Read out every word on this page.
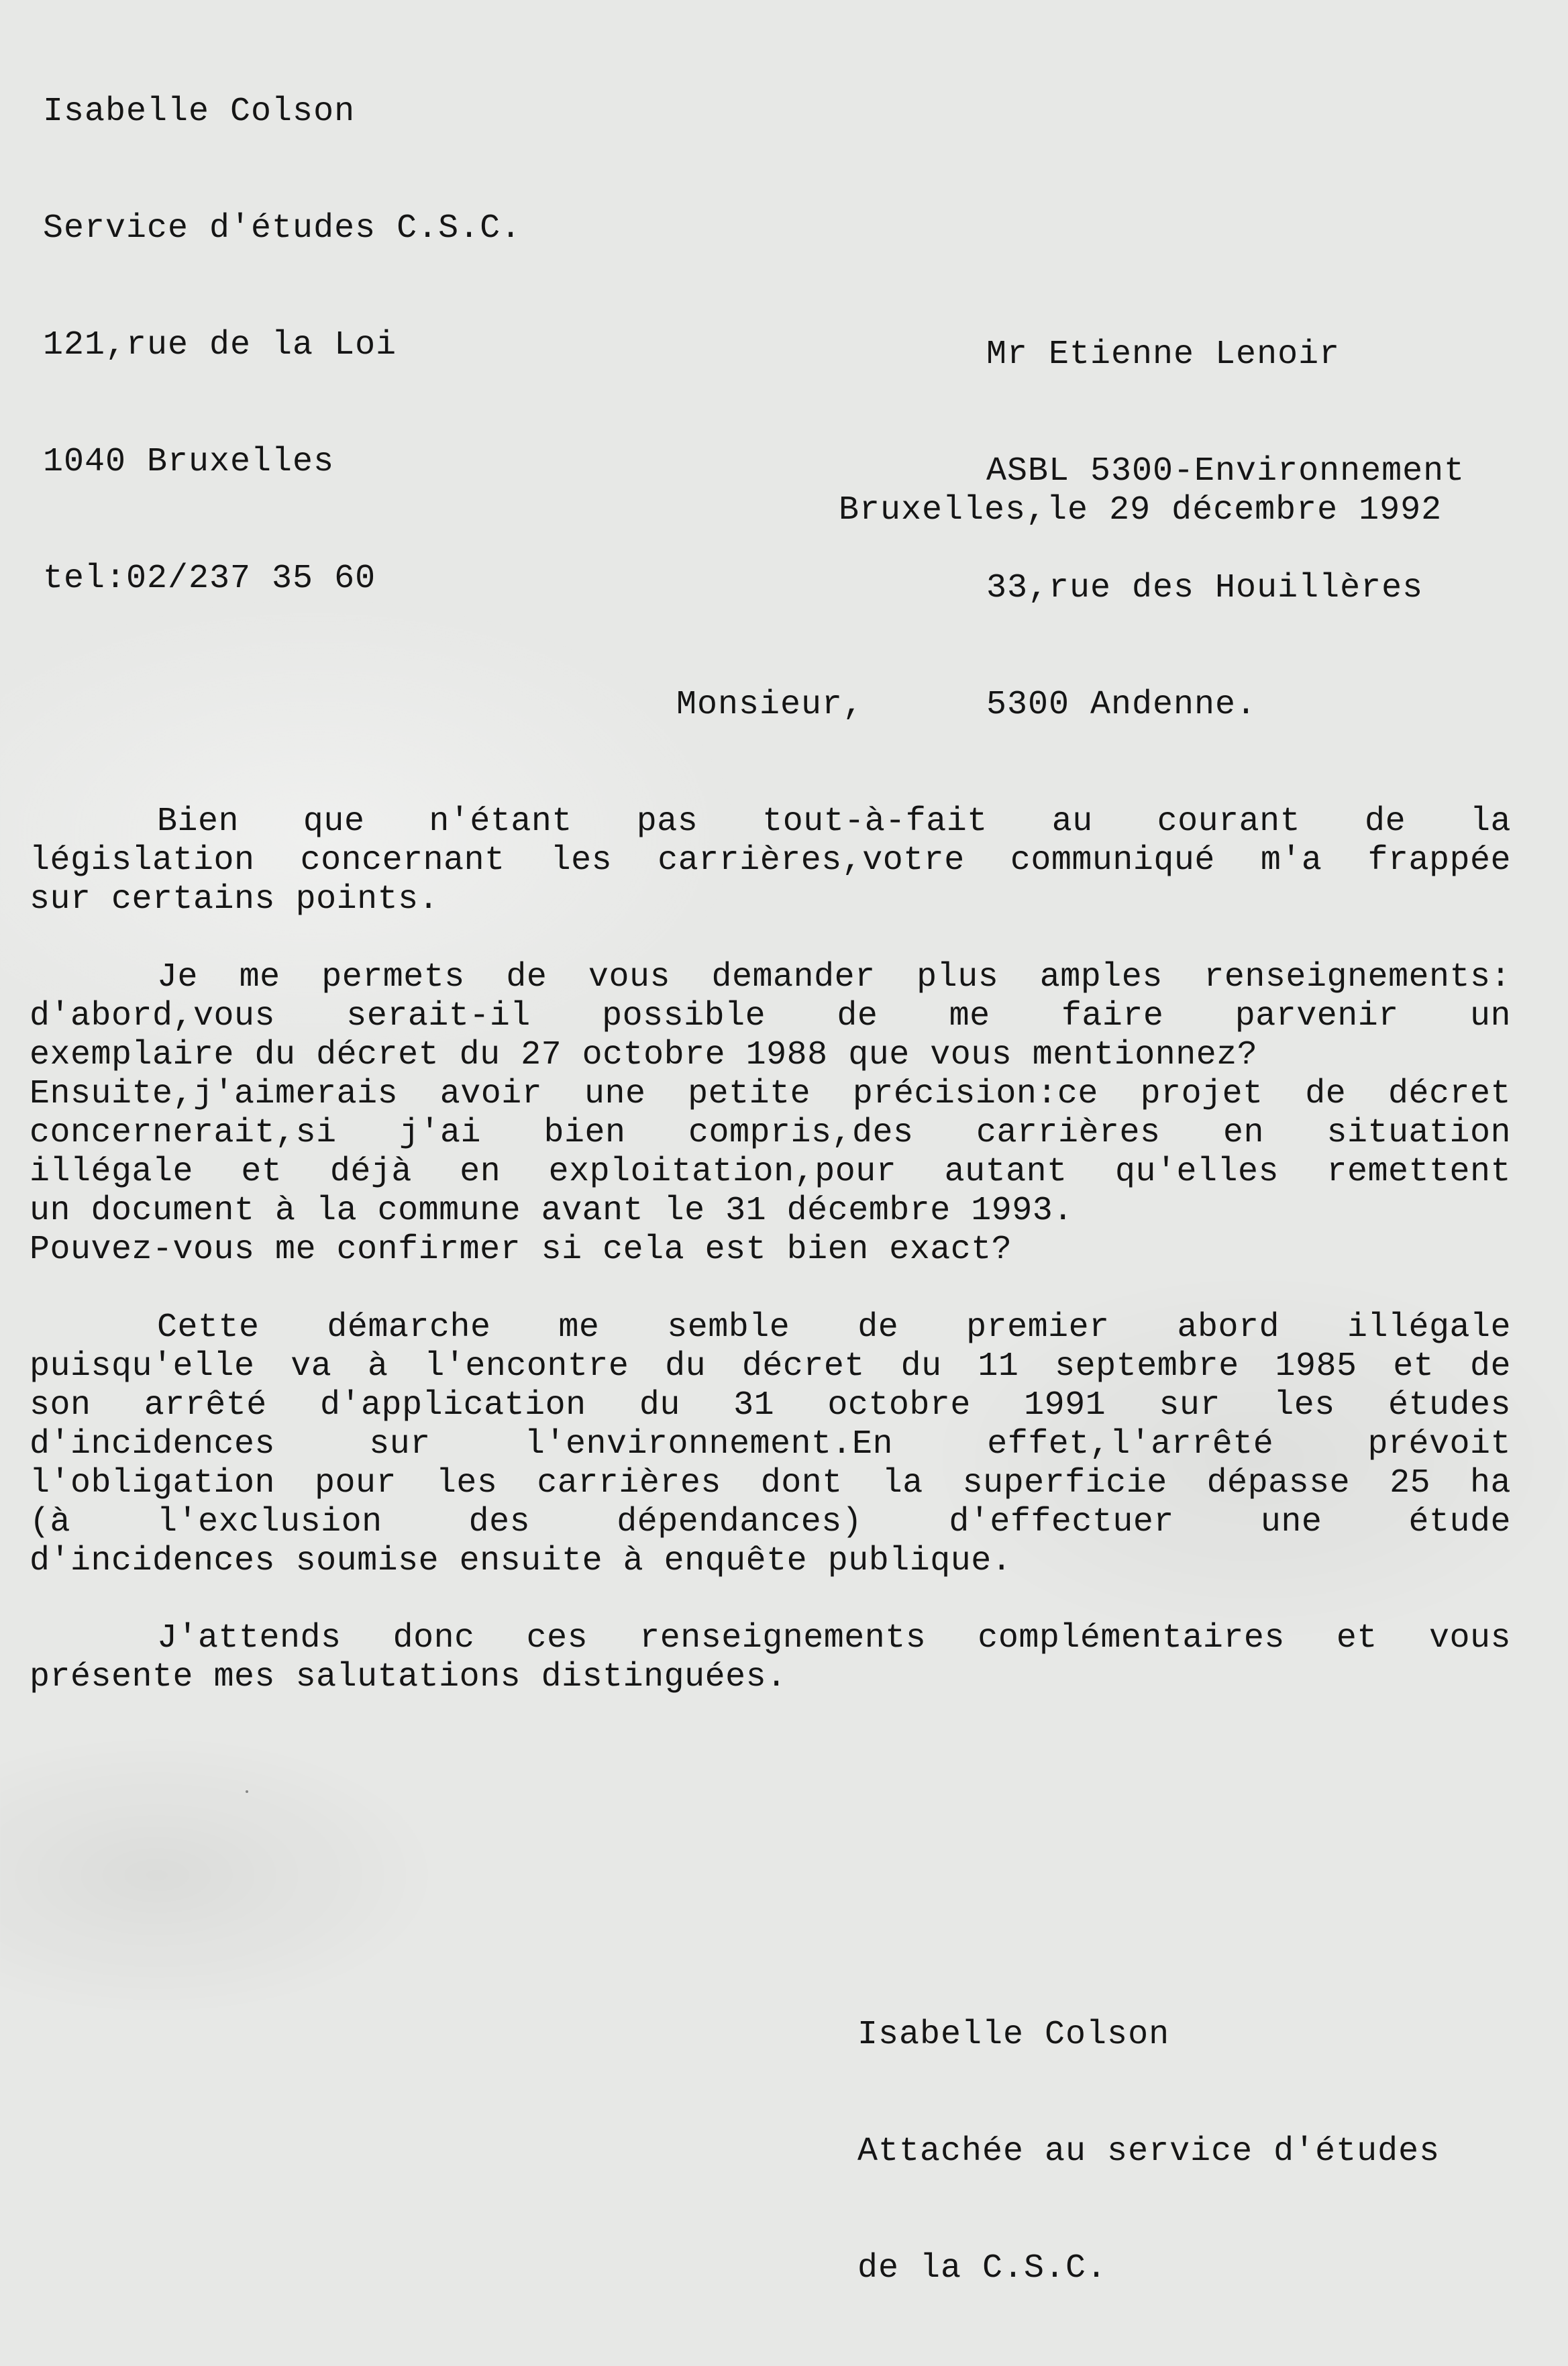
Isabelle Colson

Service d'études C.S.C.

121,rue de la Loi

1040 Bruxelles

tel:02/237 35 60

Mr Etienne Lenoir

ASBL 5300-Environnement

33,rue des Houillères

5300 Andenne.

Bruxelles,le 29 décembre 1992
Monsieur,
Bien que n'étant pas tout-à-fait au courant de la
législation concernant les carrières,votre communiqué m'a frappée
sur certains points.
Je me permets de vous demander plus amples renseignements:
d'abord,vous serait-il possible de me faire parvenir un
exemplaire du décret du 27 octobre 1988 que vous mentionnez?
Ensuite,j'aimerais avoir une petite précision:ce projet de décret
concernerait,si j'ai bien compris,des carrières en situation
illégale et déjà en exploitation,pour autant qu'elles remettent
un document à la commune avant le 31 décembre 1993.
Pouvez-vous me confirmer si cela est bien exact?
Cette démarche me semble de premier abord illégale
puisqu'elle va à l'encontre du décret du 11 septembre 1985 et de
son arrêté d'application du 31 octobre 1991 sur les études
d'incidences sur l'environnement.En effet,l'arrêté prévoit
l'obligation pour les carrières dont la superficie dépasse 25 ha
(à l'exclusion des dépendances) d'effectuer une étude
d'incidences soumise ensuite à enquête publique.
J'attends donc ces renseignements complémentaires et vous
présente mes salutations distinguées.

Isabelle Colson

Attachée au service d'études

de la C.S.C.
